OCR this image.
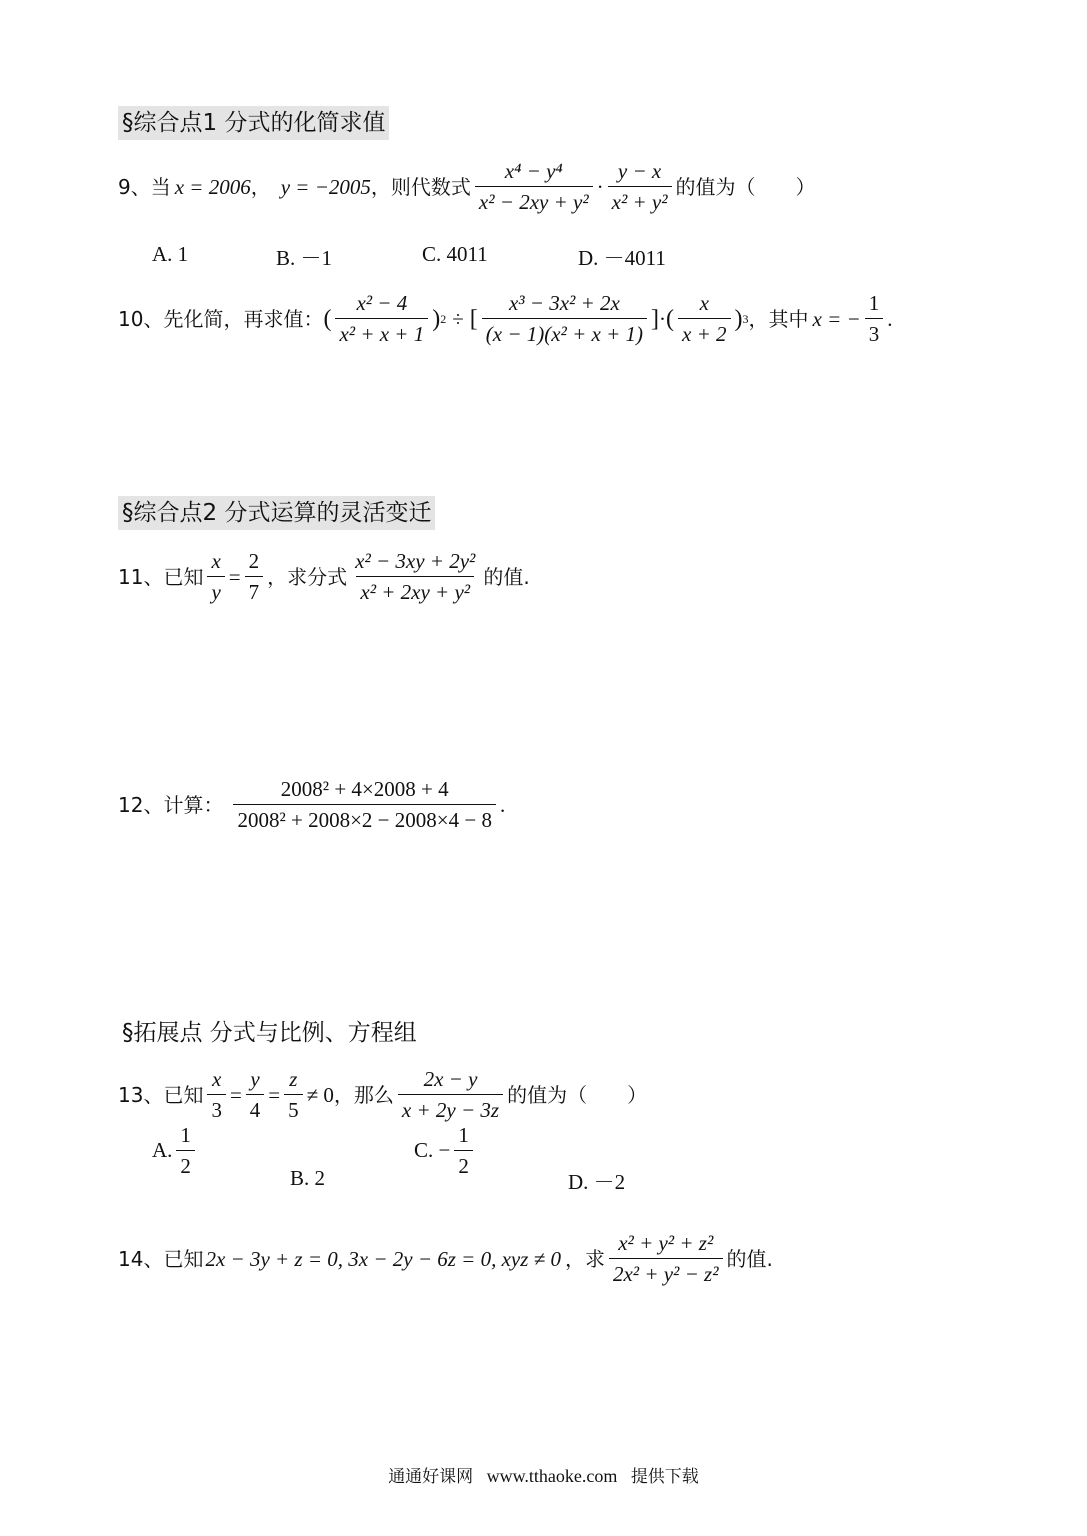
§综合点1 分式的化简求值
9、当 x = 2006 ， y = −2005 ，则代数式 $\frac{\text{x⁴ − y⁴}}{\text{x² − 2xy + y²}} \cdot \frac{y - x}{\text{x² + y²}}$ 的值为（　　）
A. 1	B. －1	C. 4011	D. －4011
10、先化简，再求值： ( $\frac{\text{x² − 4}}{\text{x² + x + 1}}$ ) 2 ÷ [ $\frac{\text{x³ − 3x² + 2x}}{\text{(x − 1)(x² + x + 1)}}$ ] · ( $\frac{x}{x + 2}$ ) 3 ，其中 x = − $\frac{1}{3}$ .
§综合点2 分式运算的灵活变迁
11、已知 $\frac{x}{y} = \frac{2}{7}$ ，求分式 $\frac{\text{x² − 3xy + 2y²}}{\text{x² + 2xy + y²}}$ 的值.
12、计算： $\frac{\text{2008² + 4×2008 + 4}}{\text{2008² + 2008×2 − 2008×4 − 8}}$ .
§拓展点 分式与比例、方程组
13、已知 $\frac{x}{3} = \frac{y}{4} = \frac{z}{5} \ne 0$ ，那么 $\frac{2x - y}{x + 2y - 3z}$ 的值为（　　）
A. $\frac{1}{2}$	B. 2
C. − $\frac{1}{2}$
D. －2
14、已知 2x − 3y + z = 0, 3x − 2y − 6z = 0, xyz ≠ 0 ，求 $\frac{\text{x² + y² + z²}}{\text{2x² + y² − z²}}$ 的值.
通通好课网 www.tthaoke.com 提供下载
